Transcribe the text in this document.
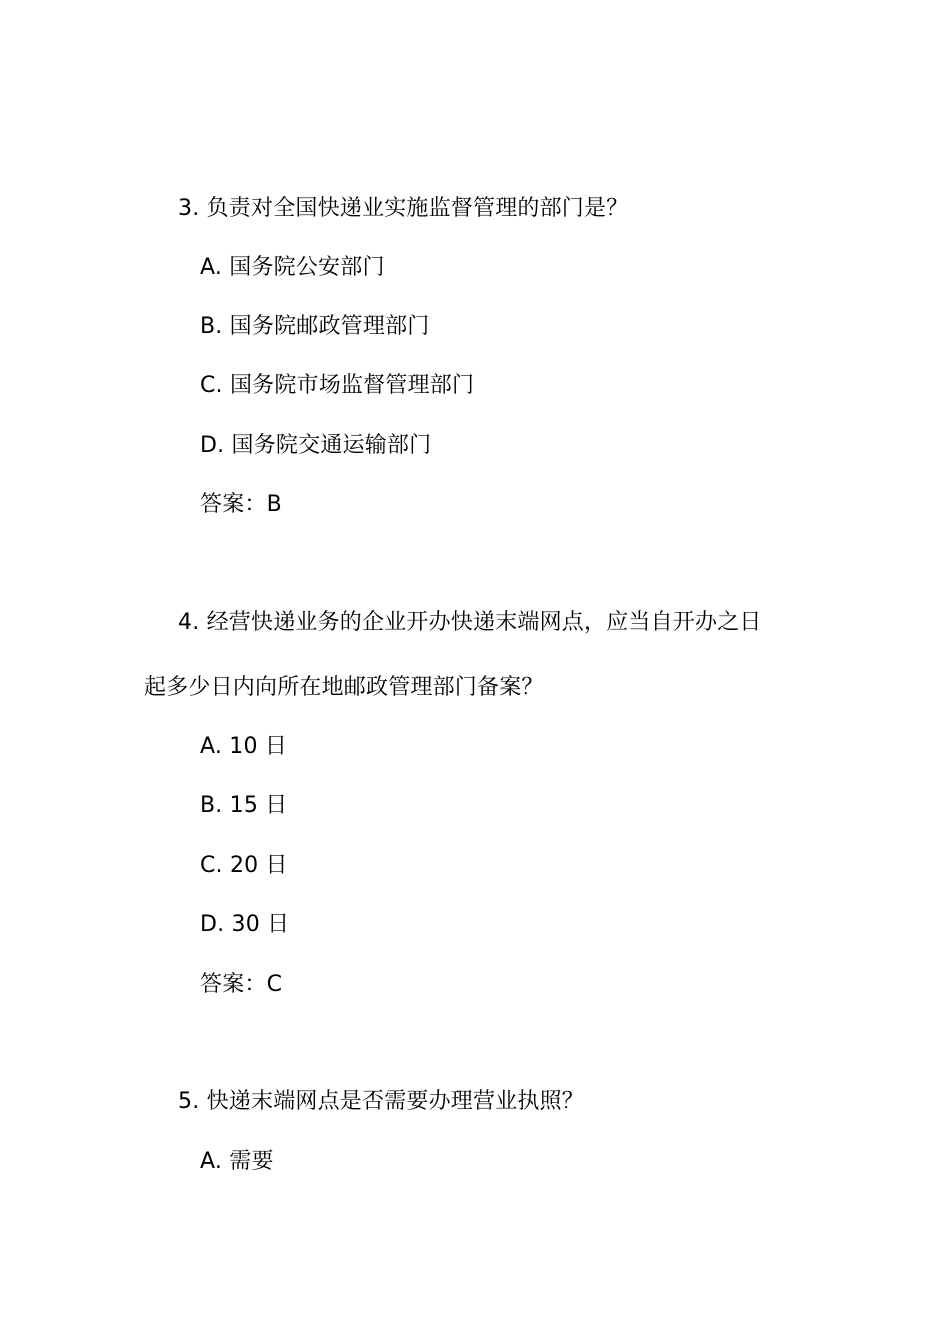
3. 负责对全国快递业实施监督管理的部门是？
A. 国务院公安部门
B. 国务院邮政管理部门
C. 国务院市场监督管理部门
D. 国务院交通运输部门
答案：B
4. 经营快递业务的企业开办快递末端网点，应当自开办之日
起多少日内向所在地邮政管理部门备案？
A. 10 日
B. 15 日
C. 20 日
D. 30 日
答案：C
5. 快递末端网点是否需要办理营业执照？
A. 需要
